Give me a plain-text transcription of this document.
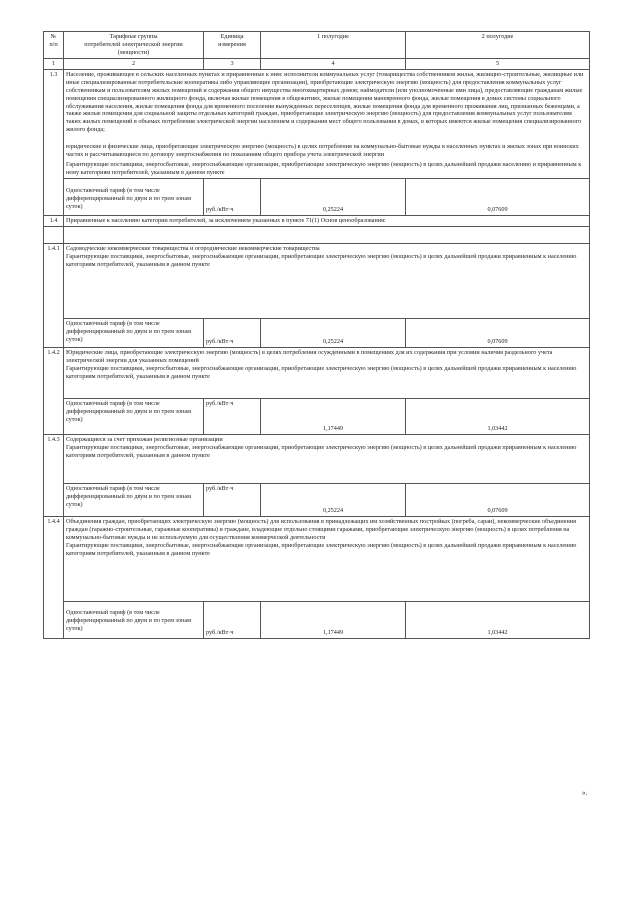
№
п/п	Тарифные группы
потребителей электрической энергии
(мощности)	Единица
измерения	1 полугодие	2 полугодие
1	2	3	4	5
1.3	Население, проживающее в сельских населенных пунктах и приравненные к ним: исполнители коммунальных услуг (товарищества собственников жилья, жилищно-строительные, жилищные или иные специализированные потребительские кооперативы либо управляющие организации), приобретающие электрическую энергию (мощность) для предоставления коммунальных услуг собственникам и пользователям жилых помещений и содержания общего имущества многоквартирных домов; наймодатели (или уполномоченные ими лица), предоставляющие гражданам жилые помещения специализированного жилищного фонда, включая жилые помещения в общежитиях, жилые помещения маневренного фонда, жилые помещения в домах системы социального обслуживания населения, жилые помещения фонда для временного поселения вынужденных переселенцев, жилые помещения фонда для временного проживания лиц, признанных беженцами, а также жилые помещения для социальной защиты отдельных категорий граждан, приобретающие электрическую энергию (мощность) для предоставления коммунальных услуг пользователям таких жилых помещений в объемах потребления электрической энергии населением и содержания мест общего пользования в домах, в которых имеются жилые помещения специализированного жилого фонда;

юридические и физические лица, приобретающие электрическую энергию (мощность) в целях потребления на коммунально-бытовые нужды в населенных пунктах и жилых зонах при воинских частях и рассчитывающиеся по договору энергоснабжения по показаниям общего прибора учета электрической энергии

Гарантирующие поставщики, энергосбытовые, энергоснабжающие организации, приобретающие электрическую энергию (мощность) в целях дальнейшей продажи населению и приравненным к нему категориям потребителей, указанным в данном пункте			

Одноставочный тариф (в том числе дифференцированный по двум и по трем зонам суток)	руб./кВт·ч	0,25224	0,07609
1.4	Приравненные к населению категории потребителей, за исключением указанных в пункте 71(1) Основ ценообразования:			

1.4.1	Садоводческие некоммерческие товарищества и огороднические некоммерческие товарищества

Гарантирующие поставщики, энергосбытовые, энергоснабжающие организации, приобретающие электрическую энергию (мощность) в целях дальнейшей продажи приравненным к населению категориям потребителей, указанным в данном пункте			

	Одноставочный тариф (в том числе дифференцированный по двум и по трем зонам суток)	руб./кВт·ч	0,25224	0,07609
1.4.2	Юридические лица, приобретающие электрическую энергию (мощность) в целях потребления осужденными в помещениях для их содержания при условии наличия раздельного учета электрической энергии для указанных помещений

Гарантирующие поставщики, энергосбытовые, энергоснабжающие организации, приобретающие электрическую энергию (мощность) в целях дальнейшей продажи приравненным к населению категориям потребителей, указанным в данном пункте			

	Одноставочный тариф (в том числе дифференцированный по двум и по трем зонам суток)	руб./кВт·ч	1,17449	1,03442
1.4.3	Содержащиеся за счет прихожан религиозные организации

Гарантирующие поставщики, энергосбытовые, энергоснабжающие организации, приобретающие электрическую энергию (мощность) в целях дальнейшей продажи приравненным к населению категориям потребителей, указанным в данном пункте			

	Одноставочный тариф (в том числе дифференцированный по двум и по трем зонам суток)	руб./кВт·ч	0,25224	0,07609
1.4.4	Объединения граждан, приобретающих электрическую энергию (мощность) для использования в принадлежащих им хозяйственных постройках (погреба, сараи), некоммерческие объединения граждан (гаражно-строительные, гаражные кооперативы) и граждане, владеющие отдельно стоящими гаражами, приобретающие электрическую энергию (мощность) в целях потребления на коммунально-бытовые нужды и не используемую для осуществления коммерческой деятельности

Гарантирующие поставщики, энергосбытовые, энергоснабжающие организации, приобретающие электрическую энергию (мощность) в целях дальнейшей продажи приравненным к населению категориям потребителей, указанным в данном пункте			

Одноставочный тариф (в том числе дифференцированный по двум и по трем зонам суток)	руб./кВт·ч	1,17449	1,03442
».
